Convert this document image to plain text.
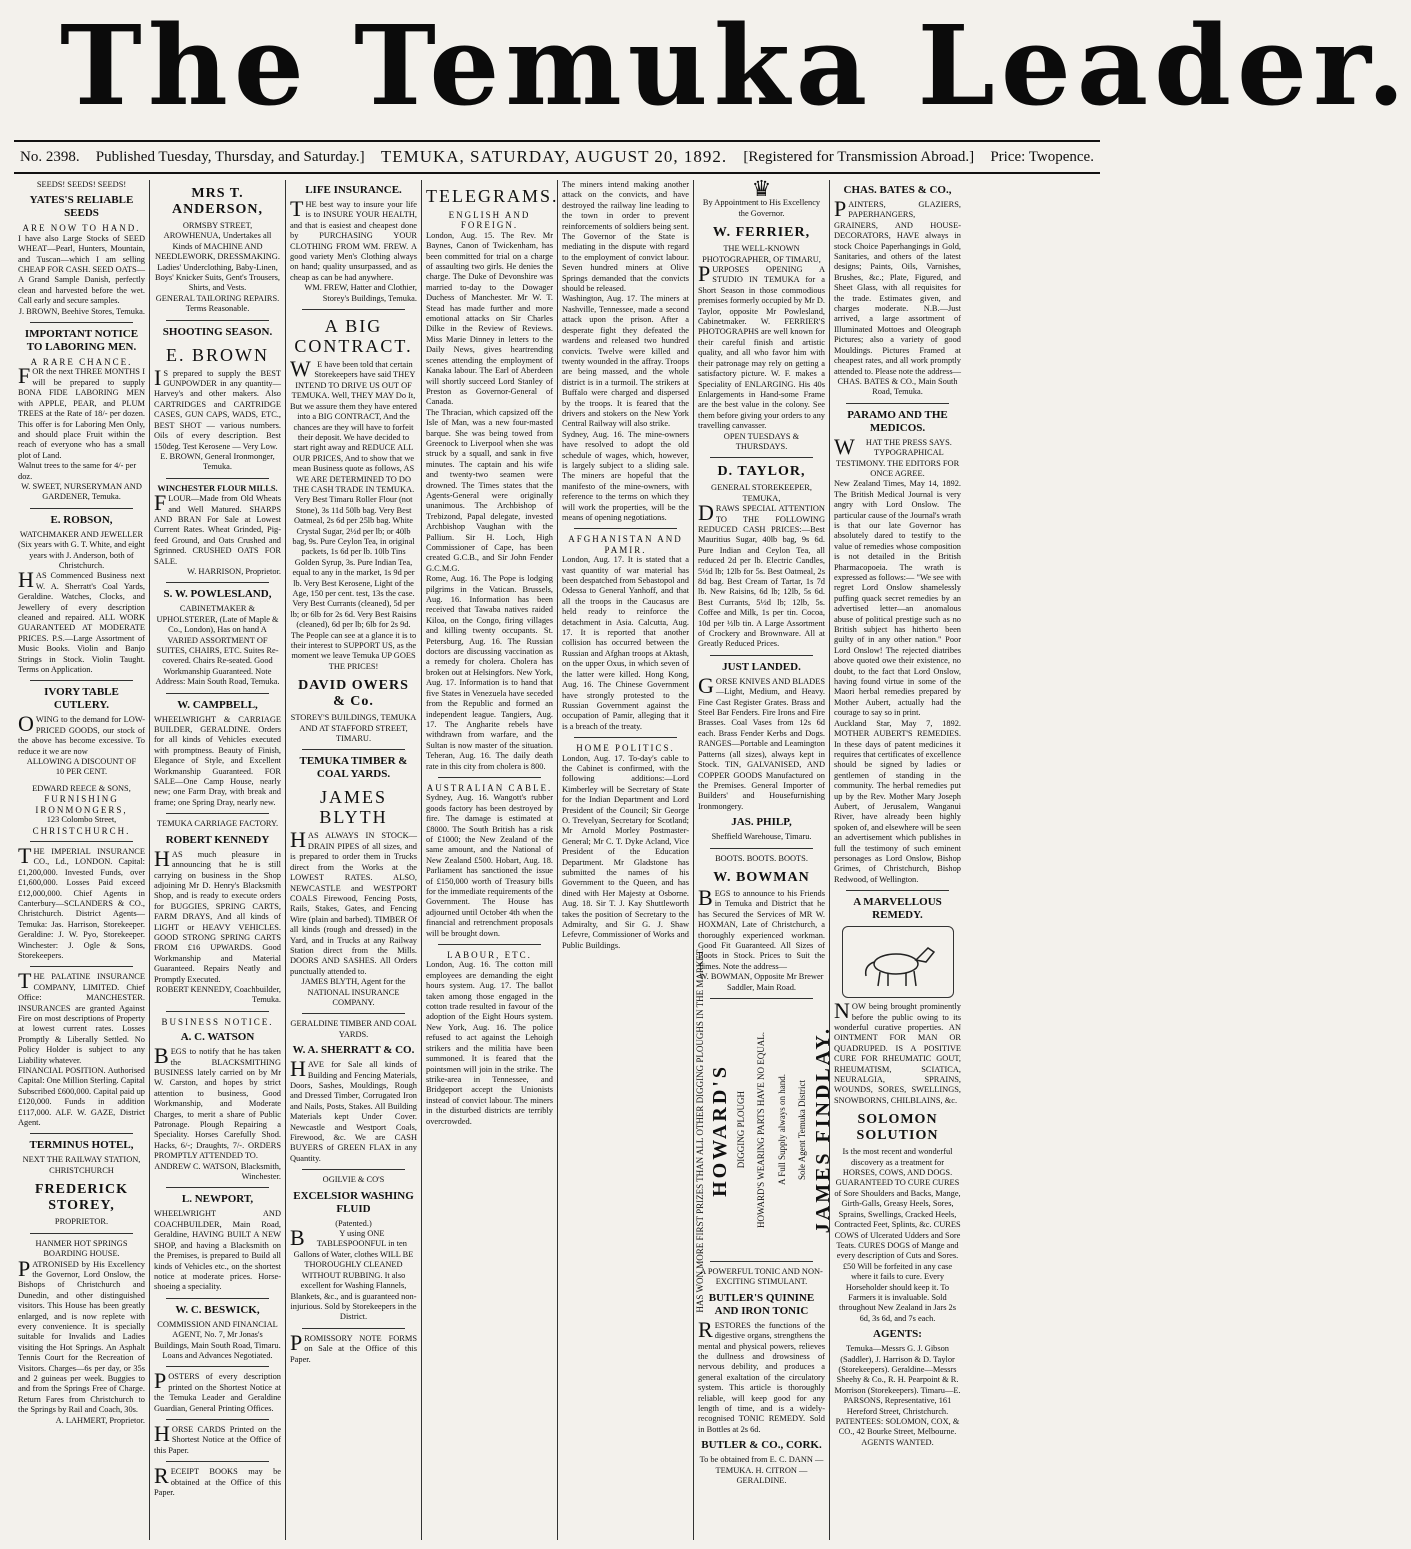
The Temuka Leader.
No. 2398. Published Tuesday, Thursday, and Saturday.] TEMUKA, SATURDAY, AUGUST 20, 1892. [Registered for Transmission Abroad.] Price: Twopence.
SEEDS! SEEDS! SEEDS!
YATES'S RELIABLE SEEDS
ARE NOW TO HAND.
I have also Large Stocks of SEED WHEAT—Pearl, Hunters, Mountain, and Tuscan—which I am selling CHEAP FOR CASH. SEED OATS—A Grand Sample Danish, perfectly clean and harvested before the wet. Call early and secure samples.
J. BROWN, Beehive Stores, Temuka.
IMPORTANT NOTICE TO LABORING MEN.
A RARE CHANCE.
FOR the next THREE MONTHS I will be prepared to supply BONA FIDE LABORING MEN with APPLE, PEAR, and PLUM TREES at the Rate of 18/- per dozen. This offer is for Laboring Men Only, and should place Fruit within the reach of everyone who has a small plot of Land.
Walnut trees to the same for 4/- per doz.
W. SWEET, NURSERYMAN AND GARDENER, Temuka.
E. ROBSON,
WATCHMAKER AND JEWELLER (Six years with G. T. White, and eight years with J. Anderson, both of Christchurch.
HAS Commenced Business next W. A. Sherratt's Coal Yards, Geraldine. Watches, Clocks, and Jewellery of every description cleaned and repaired. ALL WORK GUARANTEED AT MODERATE PRICES. P.S.—Large Assortment of Music Books. Violin and Banjo Strings in Stock. Violin Taught. Terms on Application.
IVORY TABLE CUTLERY.
OWING to the demand for LOW-PRICED GOODS, our stock of the above has become excessive. To reduce it we are now
ALLOWING A DISCOUNT OF
10 PER CENT.
EDWARD REECE & SONS,
FURNISHING IRONMONGERS,
123 Colombo Street,
CHRISTCHURCH.
THE IMPERIAL INSURANCE CO., Ld., LONDON. Capital: £1,200,000. Invested Funds, over £1,600,000. Losses Paid exceed £12,000,000. Chief Agents in Canterbury—SCLANDERS & CO., Christchurch. District Agents—Temuka: Jas. Harrison, Storekeeper. Geraldine: J. W. Pyo, Storekeeper. Winchester: J. Ogle & Sons, Storekeepers.
THE PALATINE INSURANCE COMPANY, LIMITED. Chief Office: MANCHESTER. INSURANCES are granted Against Fire on most descriptions of Property at lowest current rates. Losses Promptly & Liberally Settled. No Policy Holder is subject to any Liability whatever.
FINANCIAL POSITION. Authorised Capital: One Million Sterling. Capital Subscribed £600,000. Capital paid up £120,000. Funds in addition £117,000. ALF. W. GAZE, District Agent.
TERMINUS HOTEL,
NEXT THE RAILWAY STATION, CHRISTCHURCH
FREDERICK STOREY,
PROPRIETOR.
HANMER HOT SPRINGS BOARDING HOUSE.
PATRONISED by His Excellency the Governor, Lord Onslow, the Bishops of Christchurch and Dunedin, and other distinguished visitors. This House has been greatly enlarged, and is now replete with every convenience. It is specially suitable for Invalids and Ladies visiting the Hot Springs. An Asphalt Tennis Court for the Recreation of Visitors. Charges—6s per day, or 35s and 2 guineas per week. Buggies to and from the Springs Free of Charge. Return Fares from Christchurch to the Springs by Rail and Coach, 30s.
A. LAHMERT, Proprietor.
MRS T. ANDERSON,
ORMSBY STREET, AROWHENUA, Undertakes all Kinds of MACHINE AND NEEDLEWORK, DRESSMAKING. Ladies' Underclothing, Baby-Linen, Boys' Knicker Suits, Gent's Trousers, Shirts, and Vests.
GENERAL TAILORING REPAIRS. Terms Reasonable.
SHOOTING SEASON.
E. BROWN
IS prepared to supply the BEST GUNPOWDER in any quantity—Harvey's and other makers. Also CARTRIDGES and CARTRIDGE CASES, GUN CAPS, WADS, ETC., BEST SHOT — various numbers. Oils of every description. Best 150deg. Test Kerosene — Very Low.
E. BROWN, General Ironmonger, Temuka.
WINCHESTER FLOUR MILLS.
FLOUR—Made from Old Wheats and Well Matured. SHARPS AND BRAN For Sale at Lowest Current Rates. Wheat Grinded, Pig-feed Ground, and Oats Crushed and Sgrinned. CRUSHED OATS FOR SALE.
W. HARRISON, Proprietor.
S. W. POWLESLAND,
CABINETMAKER & UPHOLSTERER, (Late of Maple & Co., London), Has on hand A VARIED ASSORTMENT OF SUITES, CHAIRS, ETC. Suites Re-covered. Chairs Re-seated. Good Workmanship Guaranteed. Note Address: Main South Road, Temuka.
W. CAMPBELL,
WHEELWRIGHT & CARRIAGE BUILDER, GERALDINE. Orders for all kinds of Vehicles executed with promptness. Beauty of Finish, Elegance of Style, and Excellent Workmanship Guaranteed. FOR SALE—One Camp House, nearly new; one Farm Dray, with break and frame; one Spring Dray, nearly new.
TEMUKA CARRIAGE FACTORY.
ROBERT KENNEDY
HAS much pleasure in announcing that he is still carrying on business in the Shop adjoining Mr D. Henry's Blacksmith Shop, and is ready to execute orders for BUGGIES, SPRING CARTS, FARM DRAYS, And all kinds of LIGHT or HEAVY VEHICLES. GOOD STRONG SPRING CARTS FROM £16 UPWARDS. Good Workmanship and Material Guaranteed. Repairs Neatly and Promptly Executed.
ROBERT KENNEDY, Coachbuilder, Temuka.
BUSINESS NOTICE.
A. C. WATSON
BEGS to notify that he has taken the BLACKSMITHING BUSINESS lately carried on by Mr W. Carston, and hopes by strict attention to business, Good Workmanship, and Moderate Charges, to merit a share of Public Patronage. Plough Repairing a Speciality. Horses Carefully Shod. Hacks, 6/-; Draughts, 7/-. ORDERS PROMPTLY ATTENDED TO.
ANDREW C. WATSON, Blacksmith, Winchester.
L. NEWPORT,
WHEELWRIGHT AND COACHBUILDER, Main Road, Geraldine, HAVING BUILT A NEW SHOP, and having a Blacksmith on the Premises, is prepared to Build all kinds of Vehicles etc., on the shortest notice at moderate prices. Horse-shoeing a speciality.
W. C. BESWICK,
COMMISSION AND FINANCIAL AGENT, No. 7, Mr Jonas's Buildings, Main South Road, Timaru. Loans and Advances Negotiated.
POSTERS of every description printed on the Shortest Notice at the Temuka Leader and Geraldine Guardian, General Printing Offices.
HORSE CARDS Printed on the Shortest Notice at the Office of this Paper.
RECEIPT BOOKS may be obtained at the Office of this Paper.
LIFE INSURANCE.
THE best way to insure your life is to INSURE YOUR HEALTH, and that is easiest and cheapest done by PURCHASING YOUR CLOTHING FROM WM. FREW. A good variety Men's Clothing always on hand; quality unsurpassed, and as cheap as can be had anywhere.
WM. FREW, Hatter and Clothier, Storey's Buildings, Temuka.
A BIG CONTRACT.
WE have been told that certain Storekeepers have said THEY INTEND TO DRIVE US OUT OF TEMUKA. Well, THEY MAY Do It, But we assure them they have entered into a BIG CONTRACT, And the chances are they will have to forfeit their deposit. We have decided to start right away and REDUCE ALL OUR PRICES, And to show that we mean Business quote as follows, AS WE ARE DETERMINED TO DO THE CASH TRADE IN TEMUKA.
Very Best Timaru Roller Flour (not Stone), 3s 11d 50lb bag. Very Best Oatmeal, 2s 6d per 25lb bag. White Crystal Sugar, 2½d per lb; or 40lb bag, 9s. Pure Ceylon Tea, in original packets, 1s 6d per lb. 10lb Tins Golden Syrup, 3s. Pure Indian Tea, equal to any in the market, 1s 9d per lb. Very Best Kerosene, Light of the Age, 150 per cent. test, 13s the case. Very Best Currants (cleaned), 5d per lb; or 6lb for 2s 6d. Very Best Raisins (cleaned), 6d per lb; 6lb for 2s 9d.
The People can see at a glance it is to their interest to SUPPORT US, as the moment we leave Temuka UP GOES THE PRICES!
DAVID OWERS & Co.
STOREY'S BUILDINGS, TEMUKA AND AT STAFFORD STREET, TIMARU.
TEMUKA TIMBER & COAL YARDS.
JAMES BLYTH
HAS ALWAYS IN STOCK—DRAIN PIPES of all sizes, and is prepared to order them in Trucks direct from the Works at the LOWEST RATES. ALSO, NEWCASTLE and WESTPORT COALS Firewood, Fencing Posts, Rails, Stakes, Gates, and Fencing Wire (plain and barbed). TIMBER Of all kinds (rough and dressed) in the Yard, and in Trucks at any Railway Station direct from the Mills. DOORS AND SASHES. All Orders punctually attended to.
JAMES BLYTH, Agent for the NATIONAL INSURANCE COMPANY.
GERALDINE TIMBER AND COAL YARDS.
W. A. SHERRATT & CO.
HAVE for Sale all kinds of Building and Fencing Materials, Doors, Sashes, Mouldings, Rough and Dressed Timber, Corrugated Iron and Nails, Posts, Stakes. All Building Materials kept Under Cover. Newcastle and Westport Coals, Firewood, &c. We are CASH BUYERS of GREEN FLAX in any Quantity.
OGILVIE & CO'S
EXCELSIOR WASHING FLUID
(Patented.)
BY using ONE TABLESPOONFUL in ten Gallons of Water, clothes WILL BE THOROUGHLY CLEANED WITHOUT RUBBING. It also excellent for Washing Flannels, Blankets, &c., and is guaranteed non-injurious. Sold by Storekeepers in the District.
PROMISSORY NOTE FORMS on Sale at the Office of this Paper.
TELEGRAMS.
ENGLISH AND FOREIGN.
London, Aug. 15. The Rev. Mr Baynes, Canon of Twickenham, has been committed for trial on a charge of assaulting two girls. He denies the charge. The Duke of Devonshire was married to-day to the Dowager Duchess of Manchester. Mr W. T. Stead has made further and more emotional attacks on Sir Charles Dilke in the Review of Reviews. Miss Marie Dinney in letters to the Daily News, gives heartrending scenes attending the employment of Kanaka labour. The Earl of Aberdeen will shortly succeed Lord Stanley of Preston as Governor-General of Canada.
The Thracian, which capsized off the Isle of Man, was a new four-masted barque. She was being towed from Greenock to Liverpool when she was struck by a squall, and sank in five minutes. The captain and his wife and twenty-two seamen were drowned. The Times states that the Agents-General were originally unanimous. The Archbishop of Trebizond, Papal delegate, invested Archbishop Vaughan with the Pallium. Sir H. Loch, High Commissioner of Cape, has been created G.C.B., and Sir John Fender G.C.M.G.
Rome, Aug. 16. The Pope is lodging pilgrims in the Vatican. Brussels, Aug. 16. Information has been received that Tawaba natives raided Kiloa, on the Congo, firing villages and killing twenty occupants. St. Petersburg, Aug. 16. The Russian doctors are discussing vaccination as a remedy for cholera. Cholera has broken out at Helsingfors. New York, Aug. 17. Information is to hand that five States in Venezuela have seceded from the Republic and formed an independent league. Tangiers, Aug. 17. The Angharite rebels have withdrawn from warfare, and the Sultan is now master of the situation. Teheran, Aug. 16. The daily death rate in this city from cholera is 800.
AUSTRALIAN CABLE.
Sydney, Aug. 16. Wangott's rubber goods factory has been destroyed by fire. The damage is estimated at £8000. The South British has a risk of £1000; the New Zealand of the same amount, and the National of New Zealand £500. Hobart, Aug. 18. Parliament has sanctioned the issue of £150,000 worth of Treasury bills for the immediate requirements of the Government. The House has adjourned until October 4th when the financial and retrenchment proposals will be brought down.
LABOUR, ETC.
London, Aug. 16. The cotton mill employees are demanding the eight hours system. Aug. 17. The ballot taken among those engaged in the cotton trade resulted in favour of the adoption of the Eight Hours system. New York, Aug. 16. The police refused to act against the Lehoigh strikers and the militia have been summoned. It is feared that the pointsmen will join in the strike. The strike-area in Tennessee, and Bridgeport accept the Unionists instead of convict labour. The miners in the disturbed districts are terribly overcrowded.
The miners intend making another attack on the convicts, and have destroyed the railway line leading to the town in order to prevent reinforcements of soldiers being sent. The Governor of the State is mediating in the dispute with regard to the employment of convict labour. Seven hundred miners at Olive Springs demanded that the convicts should be released.
Washington, Aug. 17. The miners at Nashville, Tennessee, made a second attack upon the prison. After a desperate fight they defeated the wardens and released two hundred convicts. Twelve were killed and twenty wounded in the affray. Troops are being massed, and the whole district is in a turmoil. The strikers at Buffalo were charged and dispersed by the troops. It is feared that the drivers and stokers on the New York Central Railway will also strike.
Sydney, Aug. 16. The mine-owners have resolved to adopt the old schedule of wages, which, however, is largely subject to a sliding sale. The miners are hopeful that the manifesto of the mine-owners, with reference to the terms on which they will work the properties, will be the means of opening negotiations.
AFGHANISTAN AND PAMIR.
London, Aug. 17. It is stated that a vast quantity of war material has been despatched from Sebastopol and Odessa to General Yanhoff, and that all the troops in the Caucasus are held ready to reinforce the detachment in Asia. Calcutta, Aug. 17. It is reported that another collision has occurred between the Russian and Afghan troops at Aktash, on the upper Oxus, in which seven of the latter were killed. Hong Kong, Aug. 16. The Chinese Government have strongly protested to the Russian Government against the occupation of Pamir, alleging that it is a breach of the treaty.
HOME POLITICS.
London, Aug. 17. To-day's cable to the Cabinet is confirmed, with the following additions:—Lord Kimberley will be Secretary of State for the Indian Department and Lord President of the Council; Sir George O. Trevelyan, Secretary for Scotland; Mr Arnold Morley Postmaster-General; Mr C. T. Dyke Acland, Vice President of the Education Department. Mr Gladstone has submitted the names of his Government to the Queen, and has dined with Her Majesty at Osborne. Aug. 18. Sir T. J. Kay Shuttleworth takes the position of Secretary to the Admiralty, and Sir G. J. Shaw Lefevre, Commissioner of Works and Public Buildings.
♛
By Appointment to His Excellency the Governor.
W. FERRIER,
THE WELL-KNOWN PHOTOGRAPHER, OF TIMARU,
PURPOSES OPENING A STUDIO IN TEMUKA for a Short Season in those commodious premises formerly occupied by Mr D. Taylor, opposite Mr Powlesland, Cabinetmaker. W. FERRIER'S PHOTOGRAPHS are well known for their careful finish and artistic quality, and all who favor him with their patronage may rely on getting a satisfactory picture. W. F. makes a Speciality of ENLARGING. His 40s Enlargements in Hand-some Frame are the best value in the colony. See them before giving your orders to any travelling canvasser.
OPEN TUESDAYS & THURSDAYS.
D. TAYLOR,
GENERAL STOREKEEPER, TEMUKA,
DRAWS SPECIAL ATTENTION TO THE FOLLOWING REDUCED CASH PRICES:—Best Mauritius Sugar, 40lb bag, 9s 6d. Pure Indian and Ceylon Tea, all reduced 2d per lb. Electric Candles, 5½d lb; 12lb for 5s. Best Oatmeal, 2s 8d bag. Best Cream of Tartar, 1s 7d lb. New Raisins, 6d lb; 12lb, 5s 6d. Best Currants, 5½d lb; 12lb, 5s. Coffee and Milk, 1s per tin. Cocoa, 10d per ½lb tin. A Large Assortment of Crockery and Brownware. All at Greatly Reduced Prices.
JUST LANDED.
GORSE KNIVES AND BLADES—Light, Medium, and Heavy. Fine Cast Register Grates. Brass and Steel Bar Fenders. Fire Irons and Fire Brasses. Coal Vases from 12s 6d each. Brass Fender Kerbs and Dogs. RANGES—Portable and Leamington Patterns (all sizes), always kept in Stock. TIN, GALVANISED, AND COPPER GOODS Manufactured on the Premises. General Importer of Builders' and Housefurnishing Ironmongery.
JAS. PHILP,
Sheffield Warehouse, Timaru.
BOOTS. BOOTS. BOOTS.
W. BOWMAN
BEGS to announce to his Friends in Temuka and District that he has Secured the Services of MR W. HOXMAN, Late of Christchurch, a thoroughly experienced workman. Good Fit Guaranteed. All Sizes of Boots in Stock. Prices to Suit the Times. Note the address—
W. BOWMAN, Opposite Mr Brewer Saddler, Main Road.
HAS WON MORE FIRST PRIZES THAN ALL OTHER DIGGING PLOUGHS IN THE MARKET. HOWARD'S DIGGING PLOUGH HOWARD'S WEARING PARTS HAVE NO EQUAL. A Full Supply always on hand. Sole Agent Temuka District JAMES FINDLAY.
A POWERFUL TONIC AND NON-EXCITING STIMULANT.
BUTLER'S QUININE AND IRON TONIC
RESTORES the functions of the digestive organs, strengthens the mental and physical powers, relieves the dullness and drowsiness of nervous debility, and produces a general exaltation of the circulatory system. This article is thoroughly reliable, will keep good for any length of time, and is a widely-recognised TONIC REMEDY. Sold in Bottles at 2s 6d.
BUTLER & CO., CORK.
To be obtained from E. C. DANN — TEMUKA. H. CITRON — GERALDINE.
CHAS. BATES & CO.,
PAINTERS, GLAZIERS, PAPERHANGERS, GRAINERS, AND HOUSE-DECORATORS, HAVE always in stock Choice Paperhangings in Gold, Sanitaries, and others of the latest designs; Paints, Oils, Varnishes, Brushes, &c.; Plate, Figured, and Sheet Glass, with all requisites for the trade. Estimates given, and charges moderate. N.B.—Just arrived, a large assortment of Illuminated Mottoes and Oleograph Pictures; also a variety of good Mouldings. Pictures Framed at cheapest rates, and all work promptly attended to. Please note the address—
CHAS. BATES & CO., Main South Road, Temuka.
PARAMO AND THE MEDICOS.
WHAT THE PRESS SAYS. TYPOGRAPHICAL TESTIMONY. THE EDITORS FOR ONCE AGREE.
New Zealand Times, May 14, 1892. The British Medical Journal is very angry with Lord Onslow. The particular cause of the Journal's wrath is that our late Governor has absolutely dared to testify to the value of remedies whose composition is not detailed in the British Pharmacopoeia. The wrath is expressed as follows:— "We see with regret Lord Onslow shamelessly puffing quack secret remedies by an advertised letter—an anomalous abuse of political prestige such as no British subject has hitherto been guilty of in any other nation." Poor Lord Onslow! The rejected diatribes above quoted owe their existence, no doubt, to the fact that Lord Onslow, having found virtue in some of the Maori herbal remedies prepared by Mother Aubert, actually had the courage to say so in print.
Auckland Star, May 7, 1892. MOTHER AUBERT'S REMEDIES. In these days of patent medicines it requires that certificates of excellence should be signed by ladies or gentlemen of standing in the community. The herbal remedies put up by the Rev. Mother Mary Joseph Aubert, of Jerusalem, Wanganui River, have already been highly spoken of, and elsewhere will be seen an advertisement which publishes in full the testimony of such eminent personages as Lord Onslow, Bishop Grimes, of Christchurch, Bishop Redwood, of Wellington.
A MARVELLOUS REMEDY.
NOW being brought prominently before the public owing to its wonderful curative properties. AN OINTMENT FOR MAN OR QUADRUPED. IS A POSITIVE CURE FOR RHEUMATIC GOUT, RHEUMATISM, SCIATICA, NEURALGIA, SPRAINS, WOUNDS, SORES, SWELLINGS, SNOWBORNS, CHILBLAINS, &c.
SOLOMON SOLUTION
Is the most recent and wonderful discovery as a treatment for HORSES, COWS, AND DOGS. GUARANTEED TO CURE CURES of Sore Shoulders and Backs, Mange, Girth-Galls, Greasy Heels, Sores, Sprains, Swellings, Cracked Heels, Contracted Feet, Splints, &c. CURES COWS of Ulcerated Udders and Sore Teats. CURES DOGS of Mange and every description of Cuts and Sores. £50 Will be forfeited in any case where it fails to cure. Every Horseholder should keep it. To Farmers it is invaluable. Sold throughout New Zealand in Jars 2s 6d, 3s 6d, and 7s each.
AGENTS:
Temuka—Messrs G. J. Gibson (Saddler), J. Harrison & D. Taylor (Storekeepers). Geraldine—Messrs Sheehy & Co., R. H. Pearpoint & R. Morrison (Storekeepers). Timaru—E. PARSONS, Representative, 161 Hereford Street, Christchurch.
PATENTEES: SOLOMON, COX, & CO., 42 Bourke Street, Melbourne. AGENTS WANTED.
